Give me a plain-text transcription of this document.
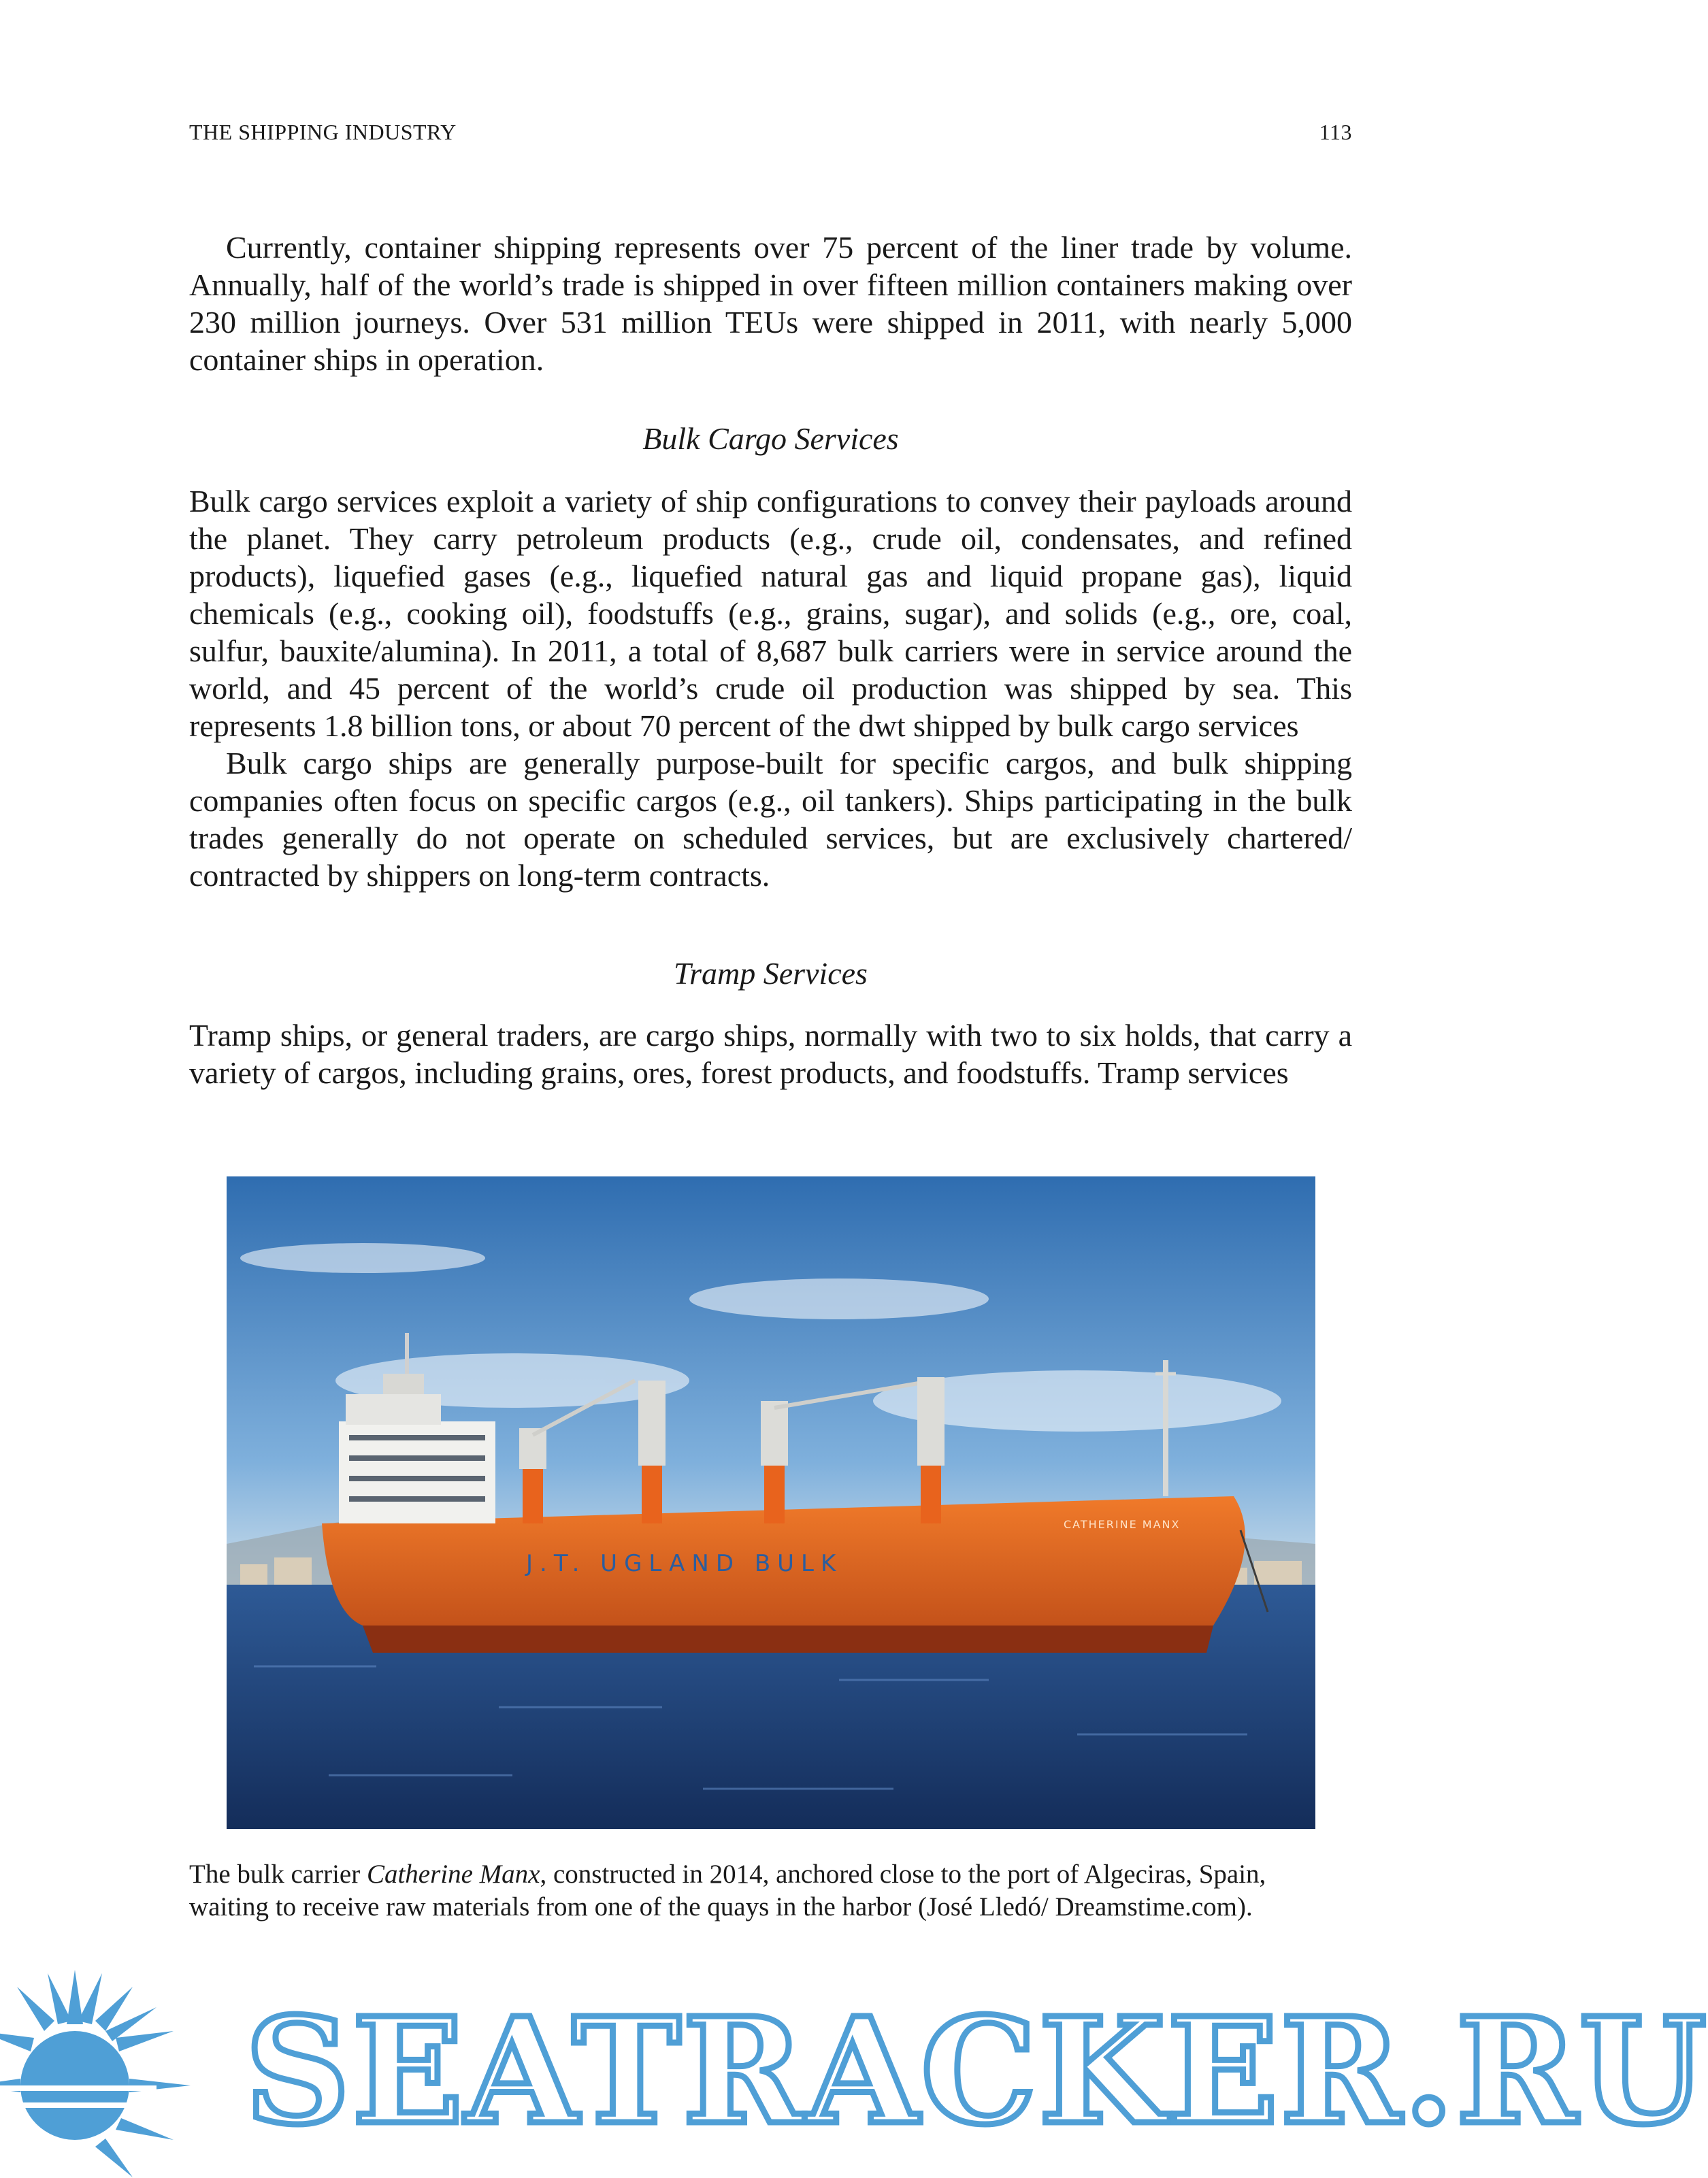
THE SHIPPING INDUSTRY	113

Currently, container shipping represents over 75 percent of the liner trade by volume. Annually, half of the world’s trade is shipped in over fifteen million containers making over 230 million journeys. Over 531 million TEUs were shipped in 2011, with nearly 5,000 container ships in operation.

Bulk Cargo Services

Bulk cargo services exploit a variety of ship configurations to convey their payloads around the planet. They carry petroleum products (e.g., crude oil, condensates, and refined products), liquefied gases (e.g., liquefied natural gas and liquid propane gas), liquid chemicals (e.g., cooking oil), foodstuffs (e.g., grains, sugar), and solids (e.g., ore, coal, sulfur, bauxite/alumina). In 2011, a total of 8,687 bulk carriers were in service around the world, and 45 percent of the world’s crude oil production was shipped by sea. This represents 1.8 billion tons, or about 70 percent of the dwt shipped by bulk cargo services

Bulk cargo ships are generally purpose-built for specific cargos, and bulk shipping companies often focus on specific cargos (e.g., oil tankers). Ships participating in the bulk trades generally do not operate on scheduled services, but are exclusively chartered/ contracted by shippers on long-term contracts.

Tramp Services

Tramp ships, or general traders, are cargo ships, normally with two to six holds, that carry a variety of cargos, including grains, ores, forest products, and foodstuffs. Tramp services

J.T. UGLAND BULK
CATHERINE MANX
The bulk carrier Catherine Manx, constructed in 2014, anchored close to the port of Algeciras, Spain, waiting to receive raw materials from one of the quays in the harbor (José Lledó/ Dreamstime.com).
SEATRACKER.RU
